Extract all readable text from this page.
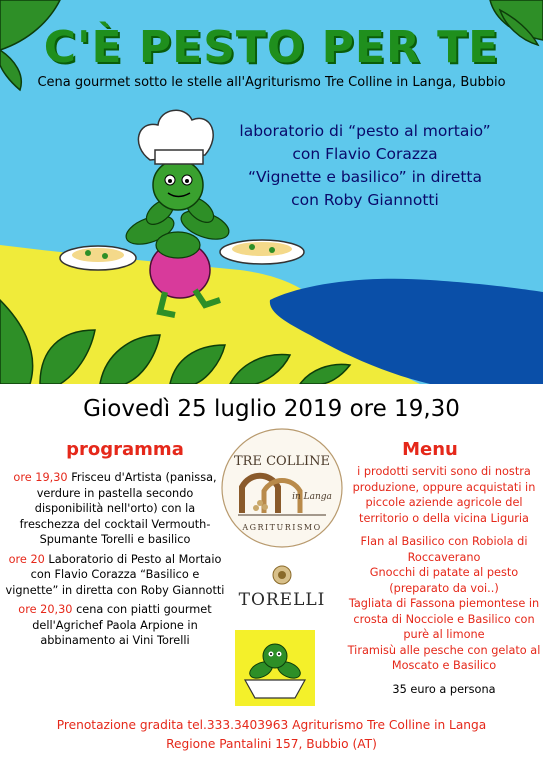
C'È PESTO PER TE
Cena gourmet sotto le stelle all'Agriturismo Tre Colline in Langa, Bubbio
laboratorio di “pesto al mortaio”
con Flavio Corazza
“Vignette e basilico” in diretta
con Roby Giannotti
Giovedì 25 luglio 2019 ore 19,30
programma	Menu
ore 19,30 Frisceu d'Artista (panissa, verdure in pastella secondo disponibilità nell'orto) con la freschezza del cocktail Vermouth-Spumante Torelli e basilico
ore 20 Laboratorio di Pesto al Mortaio con Flavio Corazza “Basilico e vignette” in diretta con Roby Giannotti
ore 20,30 cena con piatti gourmet dell'Agrichef Paola Arpione in abbinamento ai Vini Torelli
i prodotti serviti sono di nostra produzione, oppure acquistati in piccole aziende agricole del territorio o della vicina Liguria
Flan al Basilico con Robiola di Roccaverano
Gnocchi di patate al pesto (preparato da voi..)
Tagliata di Fassona piemontese in crosta di Nocciole e Basilico con purè al limone
Tiramisù alle pesche con gelato al Moscato e Basilico
35 euro a persona
TRE COLLINE
in Langa
AGRITURISMO
TORELLI
Prenotazione gradita tel.333.3403963 Agriturismo Tre Colline in Langa
Regione Pantalini 157, Bubbio (AT)
